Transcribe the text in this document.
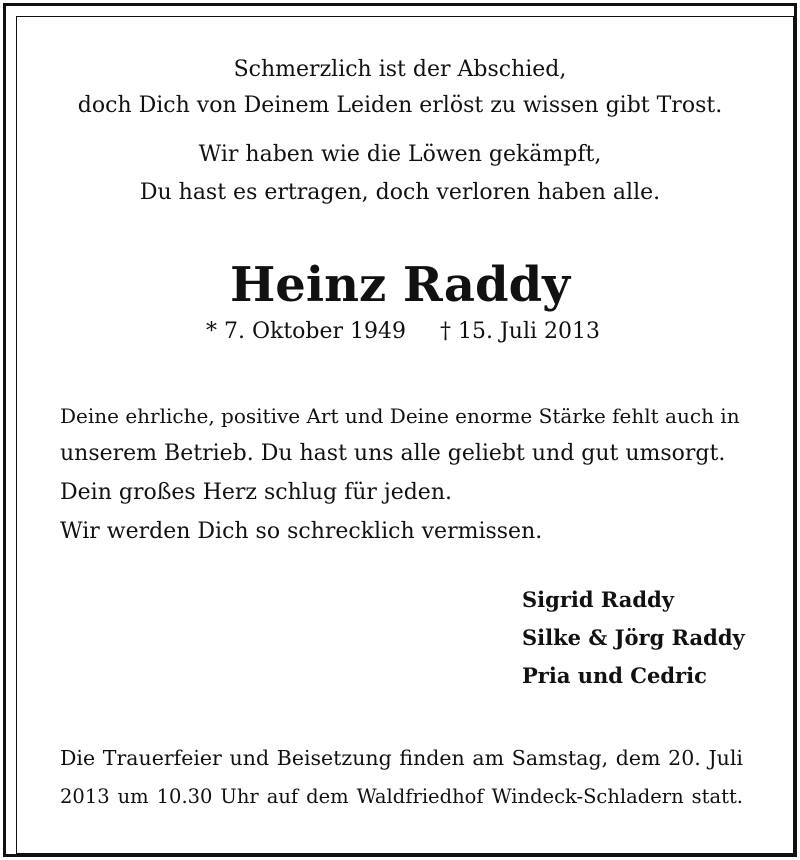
Schmerzlich ist der Abschied,
doch Dich von Deinem Leiden erlöst zu wissen gibt Trost.
Wir haben wie die Löwen gekämpft,
Du hast es ertragen, doch verloren haben alle.
Heinz Raddy
* 7. Oktober 1949 † 15. Juli 2013
Deine ehrliche, positive Art und Deine enorme Stärke fehlt auch in
unserem Betrieb. Du hast uns alle geliebt und gut umsorgt.
Dein großes Herz schlug für jeden.
Wir werden Dich so schrecklich vermissen.
Sigrid Raddy
Silke & Jörg Raddy
Pria und Cedric
Die Trauerfeier und Beisetzung finden am Samstag, dem 20. Juli
2013 um 10.30 Uhr auf dem Waldfriedhof Windeck-Schladern statt.
